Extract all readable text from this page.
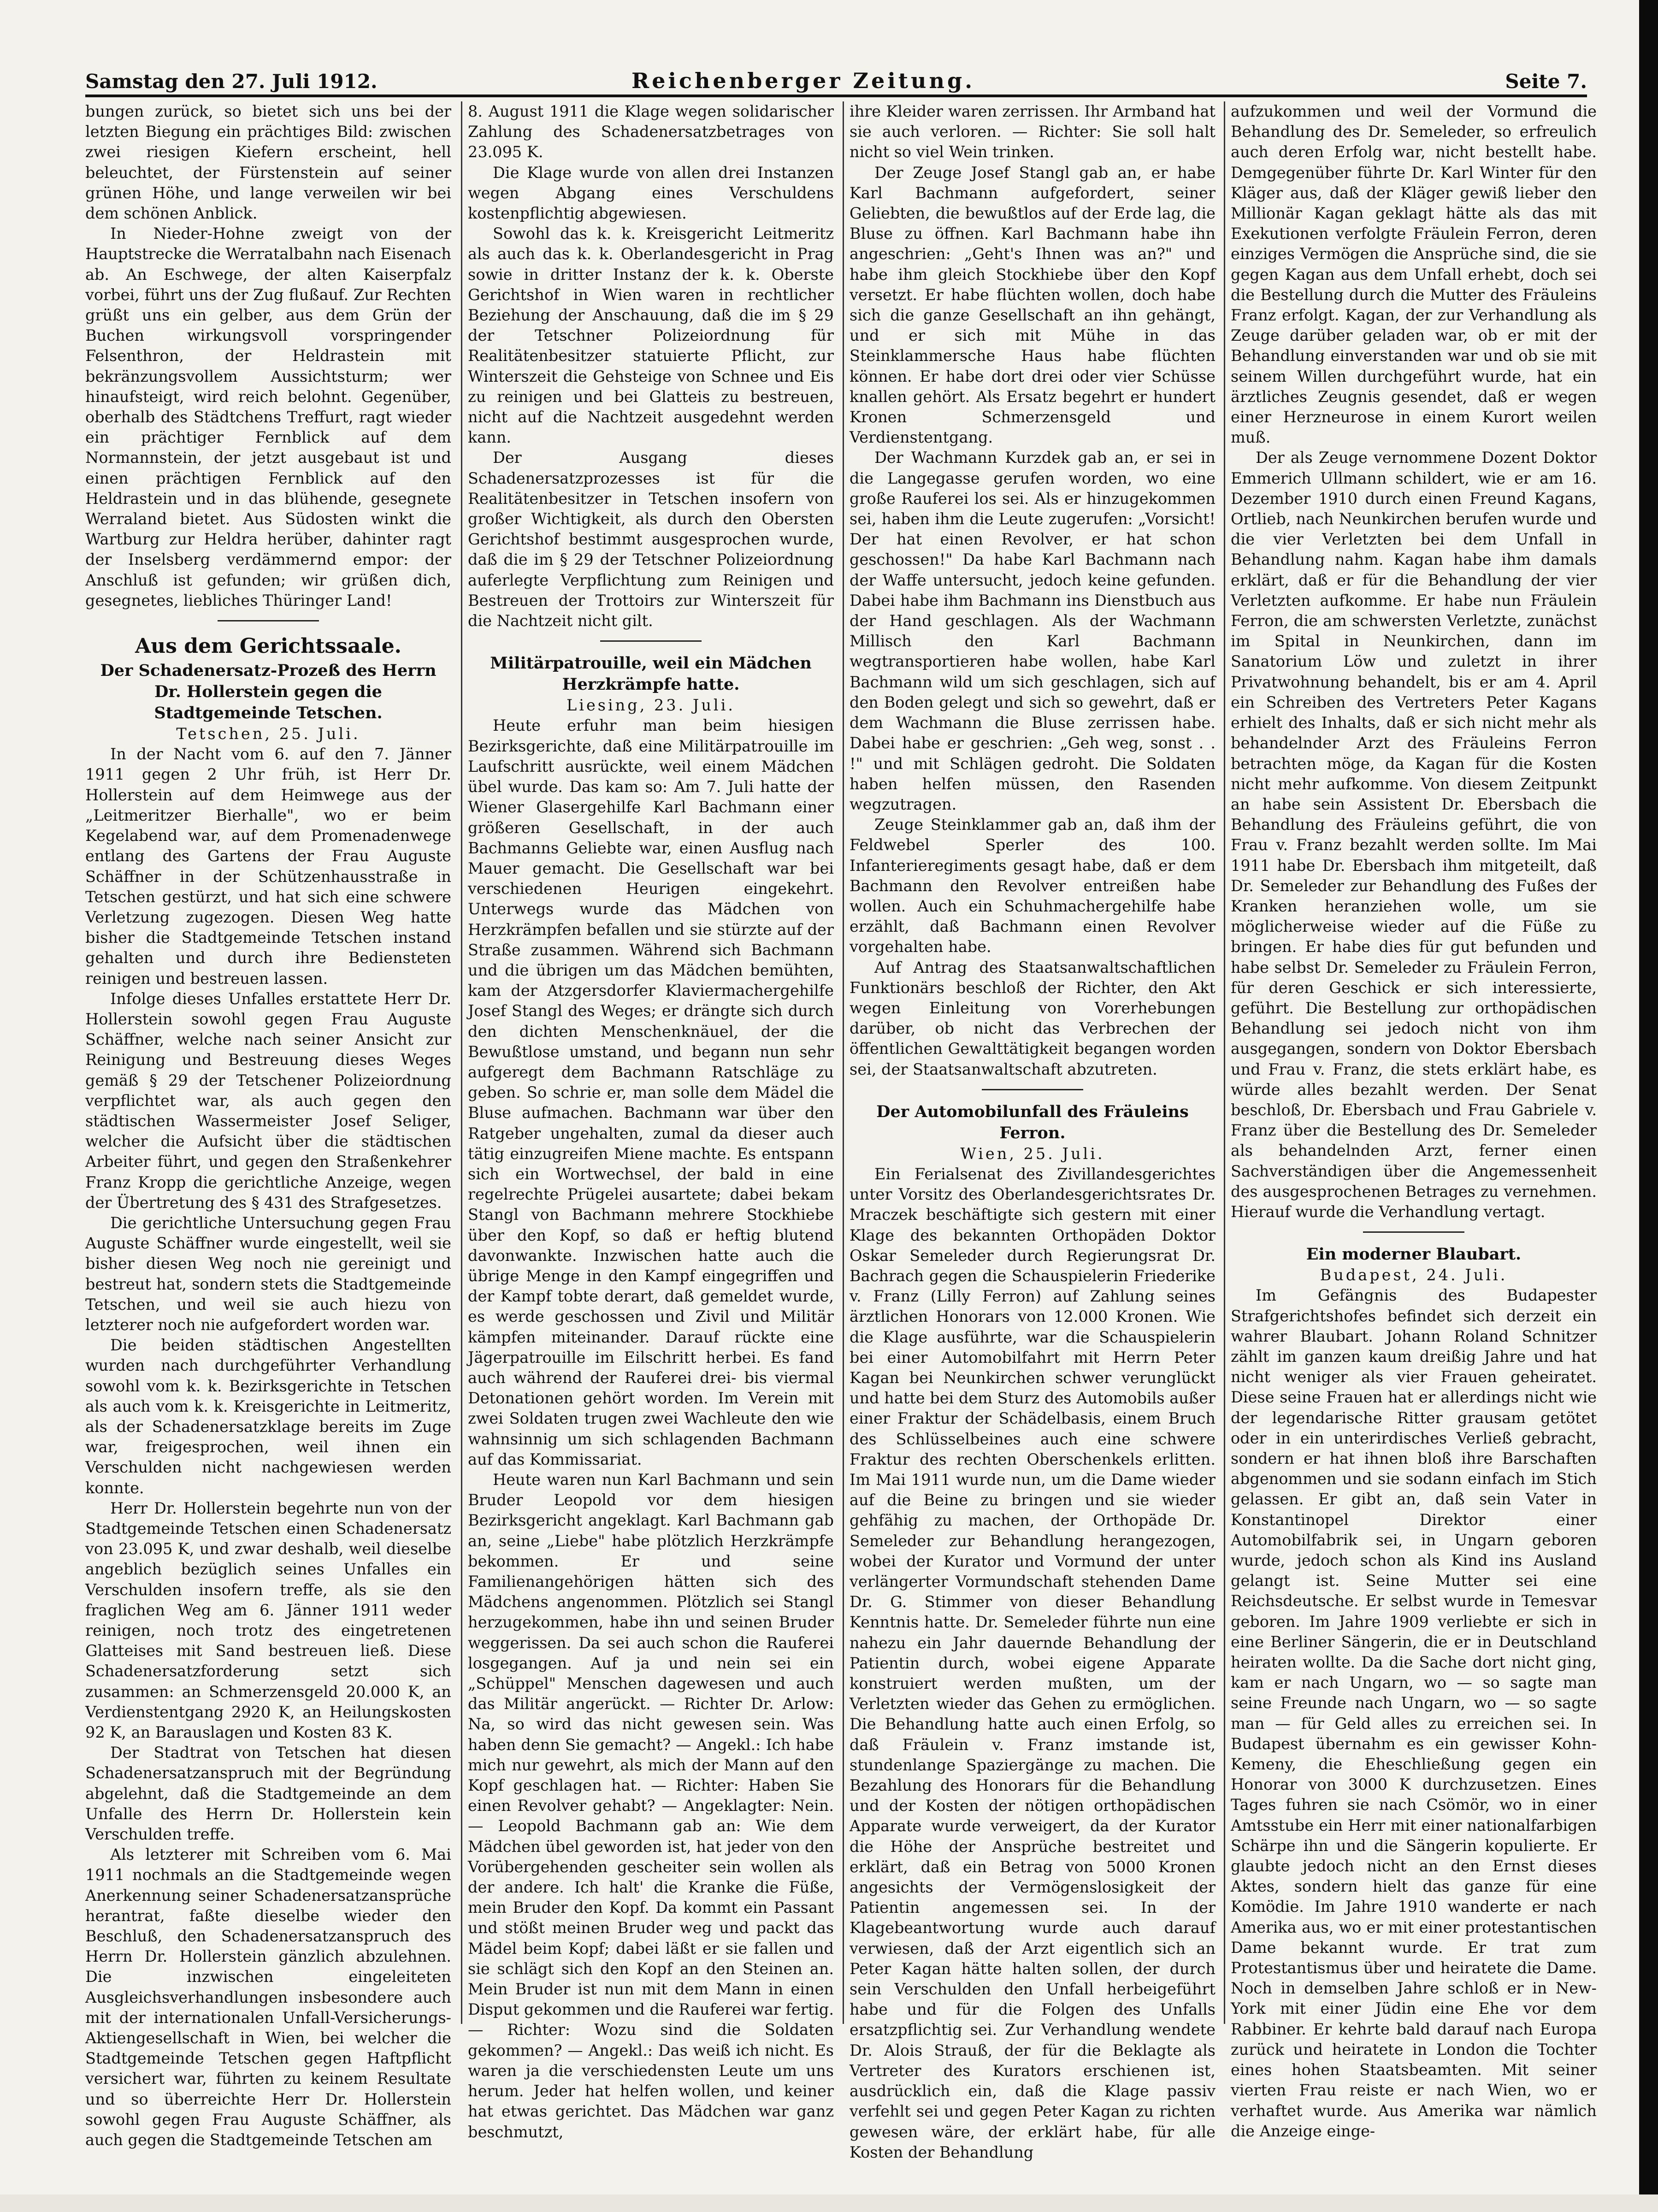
Samstag den 27. Juli 1912.	Reichenberger Zeitung.	Seite 7.

bungen zurück, so bietet sich uns bei der letzten Biegung ein prächtiges Bild: zwischen zwei riesigen Kiefern erscheint, hell beleuchtet, der Fürstenstein auf seiner grünen Höhe, und lange verweilen wir bei dem schönen Anblick.

In Nieder-Hohne zweigt von der Hauptstrecke die Werratalbahn nach Eisenach ab. An Eschwege, der alten Kaiserpfalz vorbei, führt uns der Zug flußauf. Zur Rechten grüßt uns ein gelber, aus dem Grün der Buchen wirkungsvoll vorspringender Felsenthron, der Heldrastein mit bekränzungsvollem Aussichtsturm; wer hinaufsteigt, wird reich belohnt. Gegenüber, oberhalb des Städtchens Treffurt, ragt wieder ein prächtiger Fernblick auf dem Normannstein, der jetzt ausgebaut ist und einen prächtigen Fernblick auf den Heldrastein und in das blühende, gesegnete Werraland bietet. Aus Südosten winkt die Wartburg zur Heldra herüber, dahinter ragt der Inselsberg verdämmernd empor: der Anschluß ist gefunden; wir grüßen dich, gesegnetes, liebliches Thüringer Land!

Aus dem Gerichtssaale.

Der Schadenersatz-Prozeß des Herrn Dr. Hollerstein gegen die Stadtgemeinde Tetschen.

Tetschen, 25. Juli.

In der Nacht vom 6. auf den 7. Jänner 1911 gegen 2 Uhr früh, ist Herr Dr. Hollerstein auf dem Heimwege aus der „Leitmeritzer Bierhalle", wo er beim Kegelabend war, auf dem Promenadenwege entlang des Gartens der Frau Auguste Schäffner in der Schützenhausstraße in Tetschen gestürzt, und hat sich eine schwere Verletzung zugezogen. Diesen Weg hatte bisher die Stadtgemeinde Tetschen instand gehalten und durch ihre Bediensteten reinigen und bestreuen lassen.

Infolge dieses Unfalles erstattete Herr Dr. Hollerstein sowohl gegen Frau Auguste Schäffner, welche nach seiner Ansicht zur Reinigung und Bestreuung dieses Weges gemäß § 29 der Tetschener Polizeiordnung verpflichtet war, als auch gegen den städtischen Wassermeister Josef Seliger, welcher die Aufsicht über die städtischen Arbeiter führt, und gegen den Straßenkehrer Franz Kropp die gerichtliche Anzeige, wegen der Übertretung des § 431 des Strafgesetzes.

Die gerichtliche Untersuchung gegen Frau Auguste Schäffner wurde eingestellt, weil sie bisher diesen Weg noch nie gereinigt und bestreut hat, sondern stets die Stadtgemeinde Tetschen, und weil sie auch hiezu von letzterer noch nie aufgefordert worden war.

Die beiden städtischen Angestellten wurden nach durchgeführter Verhandlung sowohl vom k. k. Bezirksgerichte in Tetschen als auch vom k. k. Kreisgerichte in Leitmeritz, als der Schadenersatzklage bereits im Zuge war, freigesprochen, weil ihnen ein Verschulden nicht nachgewiesen werden konnte.

Herr Dr. Hollerstein begehrte nun von der Stadtgemeinde Tetschen einen Schadenersatz von 23.095 K, und zwar deshalb, weil dieselbe angeblich bezüglich seines Unfalles ein Verschulden insofern treffe, als sie den fraglichen Weg am 6. Jänner 1911 weder reinigen, noch trotz des eingetretenen Glatteises mit Sand bestreuen ließ. Diese Schadenersatzforderung setzt sich zusammen: an Schmerzensgeld 20.000 K, an Verdienstentgang 2920 K, an Heilungskosten 92 K, an Barauslagen und Kosten 83 K.

Der Stadtrat von Tetschen hat diesen Schadenersatzanspruch mit der Begründung abgelehnt, daß die Stadtgemeinde an dem Unfalle des Herrn Dr. Hollerstein kein Verschulden treffe.

Als letzterer mit Schreiben vom 6. Mai 1911 nochmals an die Stadtgemeinde wegen Anerkennung seiner Schadenersatzansprüche herantrat, faßte dieselbe wieder den Beschluß, den Schadenersatzanspruch des Herrn Dr. Hollerstein gänzlich abzulehnen. Die inzwischen eingeleiteten Ausgleichsverhandlungen insbesondere auch mit der internationalen Unfall-Versicherungs-Aktiengesellschaft in Wien, bei welcher die Stadtgemeinde Tetschen gegen Haftpflicht versichert war, führten zu keinem Resultate und so überreichte Herr Dr. Hollerstein sowohl gegen Frau Auguste Schäffner, als auch gegen die Stadtgemeinde Tetschen am

8. August 1911 die Klage wegen solidarischer Zahlung des Schadenersatzbetrages von 23.095 K.

Die Klage wurde von allen drei Instanzen wegen Abgang eines Verschuldens kostenpflichtig abgewiesen.

Sowohl das k. k. Kreisgericht Leitmeritz als auch das k. k. Oberlandesgericht in Prag sowie in dritter Instanz der k. k. Oberste Gerichtshof in Wien waren in rechtlicher Beziehung der Anschauung, daß die im § 29 der Tetschner Polizeiordnung für Realitätenbesitzer statuierte Pflicht, zur Winterszeit die Gehsteige von Schnee und Eis zu reinigen und bei Glatteis zu bestreuen, nicht auf die Nachtzeit ausgedehnt werden kann.

Der Ausgang dieses Schadenersatzprozesses ist für die Realitätenbesitzer in Tetschen insofern von großer Wichtigkeit, als durch den Obersten Gerichtshof bestimmt ausgesprochen wurde, daß die im § 29 der Tetschner Polizeiordnung auferlegte Verpflichtung zum Reinigen und Bestreuen der Trottoirs zur Winterszeit für die Nachtzeit nicht gilt.

Militärpatrouille, weil ein Mädchen Herzkrämpfe hatte.

Liesing, 23. Juli.

Heute erfuhr man beim hiesigen Bezirksgerichte, daß eine Militärpatrouille im Laufschritt ausrückte, weil einem Mädchen übel wurde. Das kam so: Am 7. Juli hatte der Wiener Glasergehilfe Karl Bachmann einer größeren Gesellschaft, in der auch Bachmanns Geliebte war, einen Ausflug nach Mauer gemacht. Die Gesellschaft war bei verschiedenen Heurigen eingekehrt. Unterwegs wurde das Mädchen von Herzkrämpfen befallen und sie stürzte auf der Straße zusammen. Während sich Bachmann und die übrigen um das Mädchen bemühten, kam der Atzgersdorfer Klaviermachergehilfe Josef Stangl des Weges; er drängte sich durch den dichten Menschenknäuel, der die Bewußtlose umstand, und begann nun sehr aufgeregt dem Bachmann Ratschläge zu geben. So schrie er, man solle dem Mädel die Bluse aufmachen. Bachmann war über den Ratgeber ungehalten, zumal da dieser auch tätig einzugreifen Miene machte. Es entspann sich ein Wortwechsel, der bald in eine regelrechte Prügelei ausartete; dabei bekam Stangl von Bachmann mehrere Stockhiebe über den Kopf, so daß er heftig blutend davonwankte. Inzwischen hatte auch die übrige Menge in den Kampf eingegriffen und der Kampf tobte derart, daß gemeldet wurde, es werde geschossen und Zivil und Militär kämpfen miteinander. Darauf rückte eine Jägerpatrouille im Eilschritt herbei. Es fand auch während der Rauferei drei- bis viermal Detonationen gehört worden. Im Verein mit zwei Soldaten trugen zwei Wachleute den wie wahnsinnig um sich schlagenden Bachmann auf das Kommissariat.

Heute waren nun Karl Bachmann und sein Bruder Leopold vor dem hiesigen Bezirksgericht angeklagt. Karl Bachmann gab an, seine „Liebe" habe plötzlich Herzkrämpfe bekommen. Er und seine Familienangehörigen hätten sich des Mädchens angenommen. Plötzlich sei Stangl herzugekommen, habe ihn und seinen Bruder weggerissen. Da sei auch schon die Rauferei losgegangen. Auf ja und nein sei ein „Schüppel" Menschen dagewesen und auch das Militär angerückt. — Richter Dr. Arlow: Na, so wird das nicht gewesen sein. Was haben denn Sie gemacht? — Angekl.: Ich habe mich nur gewehrt, als mich der Mann auf den Kopf geschlagen hat. — Richter: Haben Sie einen Revolver gehabt? — Angeklagter: Nein. — Leopold Bachmann gab an: Wie dem Mädchen übel geworden ist, hat jeder von den Vorübergehenden gescheiter sein wollen als der andere. Ich halt' die Kranke die Füße, mein Bruder den Kopf. Da kommt ein Passant und stößt meinen Bruder weg und packt das Mädel beim Kopf; dabei läßt er sie fallen und sie schlägt sich den Kopf an den Steinen an. Mein Bruder ist nun mit dem Mann in einen Disput gekommen und die Rauferei war fertig. — Richter: Wozu sind die Soldaten gekommen? — Angekl.: Das weiß ich nicht. Es waren ja die verschiedensten Leute um uns herum. Jeder hat helfen wollen, und keiner hat etwas gerichtet. Das Mädchen war ganz beschmutzt,

ihre Kleider waren zerrissen. Ihr Armband hat sie auch verloren. — Richter: Sie soll halt nicht so viel Wein trinken.

Der Zeuge Josef Stangl gab an, er habe Karl Bachmann aufgefordert, seiner Geliebten, die bewußtlos auf der Erde lag, die Bluse zu öffnen. Karl Bachmann habe ihn angeschrien: „Geht's Ihnen was an?" und habe ihm gleich Stockhiebe über den Kopf versetzt. Er habe flüchten wollen, doch habe sich die ganze Gesellschaft an ihn gehängt, und er sich mit Mühe in das Steinklammersche Haus habe flüchten können. Er habe dort drei oder vier Schüsse knallen gehört. Als Ersatz begehrt er hundert Kronen Schmerzensgeld und Verdienstentgang.

Der Wachmann Kurzdek gab an, er sei in die Langegasse gerufen worden, wo eine große Rauferei los sei. Als er hinzugekommen sei, haben ihm die Leute zugerufen: „Vorsicht! Der hat einen Revolver, er hat schon geschossen!" Da habe Karl Bachmann nach der Waffe untersucht, jedoch keine gefunden. Dabei habe ihm Bachmann ins Dienstbuch aus der Hand geschlagen. Als der Wachmann Millisch den Karl Bachmann wegtransportieren habe wollen, habe Karl Bachmann wild um sich geschlagen, sich auf den Boden gelegt und sich so gewehrt, daß er dem Wachmann die Bluse zerrissen habe. Dabei habe er geschrien: „Geh weg, sonst . . !" und mit Schlägen gedroht. Die Soldaten haben helfen müssen, den Rasenden wegzutragen.

Zeuge Steinklammer gab an, daß ihm der Feldwebel Sperler des 100. Infanterieregiments gesagt habe, daß er dem Bachmann den Revolver entreißen habe wollen. Auch ein Schuhmachergehilfe habe erzählt, daß Bachmann einen Revolver vorgehalten habe.

Auf Antrag des Staatsanwaltschaftlichen Funktionärs beschloß der Richter, den Akt wegen Einleitung von Vorerhebungen darüber, ob nicht das Verbrechen der öffentlichen Gewalttätigkeit begangen worden sei, der Staatsanwaltschaft abzutreten.

Der Automobilunfall des Fräuleins Ferron.

Wien, 25. Juli.

Ein Ferialsenat des Zivillandesgerichtes unter Vorsitz des Oberlandesgerichtsrates Dr. Mraczek beschäftigte sich gestern mit einer Klage des bekannten Orthopäden Doktor Oskar Semeleder durch Regierungsrat Dr. Bachrach gegen die Schauspielerin Friederike v. Franz (Lilly Ferron) auf Zahlung seines ärztlichen Honorars von 12.000 Kronen. Wie die Klage ausführte, war die Schauspielerin bei einer Automobilfahrt mit Herrn Peter Kagan bei Neunkirchen schwer verunglückt und hatte bei dem Sturz des Automobils außer einer Fraktur der Schädelbasis, einem Bruch des Schlüsselbeines auch eine schwere Fraktur des rechten Oberschenkels erlitten. Im Mai 1911 wurde nun, um die Dame wieder auf die Beine zu bringen und sie wieder gehfähig zu machen, der Orthopäde Dr. Semeleder zur Behandlung herangezogen, wobei der Kurator und Vormund der unter verlängerter Vormundschaft stehenden Dame Dr. G. Stimmer von dieser Behandlung Kenntnis hatte. Dr. Semeleder führte nun eine nahezu ein Jahr dauernde Behandlung der Patientin durch, wobei eigene Apparate konstruiert werden mußten, um der Verletzten wieder das Gehen zu ermöglichen. Die Behandlung hatte auch einen Erfolg, so daß Fräulein v. Franz imstande ist, stundenlange Spaziergänge zu machen. Die Bezahlung des Honorars für die Behandlung und der Kosten der nötigen orthopädischen Apparate wurde verweigert, da der Kurator die Höhe der Ansprüche bestreitet und erklärt, daß ein Betrag von 5000 Kronen angesichts der Vermögenslosigkeit der Patientin angemessen sei. In der Klagebeantwortung wurde auch darauf verwiesen, daß der Arzt eigentlich sich an Peter Kagan hätte halten sollen, der durch sein Verschulden den Unfall herbeigeführt habe und für die Folgen des Unfalls ersatzpflichtig sei. Zur Verhandlung wendete Dr. Alois Strauß, der für die Beklagte als Vertreter des Kurators erschienen ist, ausdrücklich ein, daß die Klage passiv verfehlt sei und gegen Peter Kagan zu richten gewesen wäre, der erklärt habe, für alle Kosten der Behandlung

aufzukommen und weil der Vormund die Behandlung des Dr. Semeleder, so erfreulich auch deren Erfolg war, nicht bestellt habe. Demgegenüber führte Dr. Karl Winter für den Kläger aus, daß der Kläger gewiß lieber den Millionär Kagan geklagt hätte als das mit Exekutionen verfolgte Fräulein Ferron, deren einziges Vermögen die Ansprüche sind, die sie gegen Kagan aus dem Unfall erhebt, doch sei die Bestellung durch die Mutter des Fräuleins Franz erfolgt. Kagan, der zur Verhandlung als Zeuge darüber geladen war, ob er mit der Behandlung einverstanden war und ob sie mit seinem Willen durchgeführt wurde, hat ein ärztliches Zeugnis gesendet, daß er wegen einer Herzneurose in einem Kurort weilen muß.

Der als Zeuge vernommene Dozent Doktor Emmerich Ullmann schildert, wie er am 16. Dezember 1910 durch einen Freund Kagans, Ortlieb, nach Neunkirchen berufen wurde und die vier Verletzten bei dem Unfall in Behandlung nahm. Kagan habe ihm damals erklärt, daß er für die Behandlung der vier Verletzten aufkomme. Er habe nun Fräulein Ferron, die am schwersten Verletzte, zunächst im Spital in Neunkirchen, dann im Sanatorium Löw und zuletzt in ihrer Privatwohnung behandelt, bis er am 4. April ein Schreiben des Vertreters Peter Kagans erhielt des Inhalts, daß er sich nicht mehr als behandelnder Arzt des Fräuleins Ferron betrachten möge, da Kagan für die Kosten nicht mehr aufkomme. Von diesem Zeitpunkt an habe sein Assistent Dr. Ebersbach die Behandlung des Fräuleins geführt, die von Frau v. Franz bezahlt werden sollte. Im Mai 1911 habe Dr. Ebersbach ihm mitgeteilt, daß Dr. Semeleder zur Behandlung des Fußes der Kranken heranziehen wolle, um sie möglicherweise wieder auf die Füße zu bringen. Er habe dies für gut befunden und habe selbst Dr. Semeleder zu Fräulein Ferron, für deren Geschick er sich interessierte, geführt. Die Bestellung zur orthopädischen Behandlung sei jedoch nicht von ihm ausgegangen, sondern von Doktor Ebersbach und Frau v. Franz, die stets erklärt habe, es würde alles bezahlt werden. Der Senat beschloß, Dr. Ebersbach und Frau Gabriele v. Franz über die Bestellung des Dr. Semeleder als behandelnden Arzt, ferner einen Sachverständigen über die Angemessenheit des ausgesprochenen Betrages zu vernehmen. Hierauf wurde die Verhandlung vertagt.

Ein moderner Blaubart.

Budapest, 24. Juli.

Im Gefängnis des Budapester Strafgerichtshofes befindet sich derzeit ein wahrer Blaubart. Johann Roland Schnitzer zählt im ganzen kaum dreißig Jahre und hat nicht weniger als vier Frauen geheiratet. Diese seine Frauen hat er allerdings nicht wie der legendarische Ritter grausam getötet oder in ein unterirdisches Verließ gebracht, sondern er hat ihnen bloß ihre Barschaften abgenommen und sie sodann einfach im Stich gelassen. Er gibt an, daß sein Vater in Konstantinopel Direktor einer Automobilfabrik sei, in Ungarn geboren wurde, jedoch schon als Kind ins Ausland gelangt ist. Seine Mutter sei eine Reichsdeutsche. Er selbst wurde in Temesvar geboren. Im Jahre 1909 verliebte er sich in eine Berliner Sängerin, die er in Deutschland heiraten wollte. Da die Sache dort nicht ging, kam er nach Ungarn, wo — so sagte man seine Freunde nach Ungarn, wo — so sagte man — für Geld alles zu erreichen sei. In Budapest übernahm es ein gewisser Kohn-Kemeny, die Eheschließung gegen ein Honorar von 3000 K durchzusetzen. Eines Tages fuhren sie nach Csömör, wo in einer Amtsstube ein Herr mit einer nationalfarbigen Schärpe ihn und die Sängerin kopulierte. Er glaubte jedoch nicht an den Ernst dieses Aktes, sondern hielt das ganze für eine Komödie. Im Jahre 1910 wanderte er nach Amerika aus, wo er mit einer protestantischen Dame bekannt wurde. Er trat zum Protestantismus über und heiratete die Dame. Noch in demselben Jahre schloß er in New-York mit einer Jüdin eine Ehe vor dem Rabbiner. Er kehrte bald darauf nach Europa zurück und heiratete in London die Tochter eines hohen Staatsbeamten. Mit seiner vierten Frau reiste er nach Wien, wo er verhaftet wurde. Aus Amerika war nämlich die Anzeige einge-
